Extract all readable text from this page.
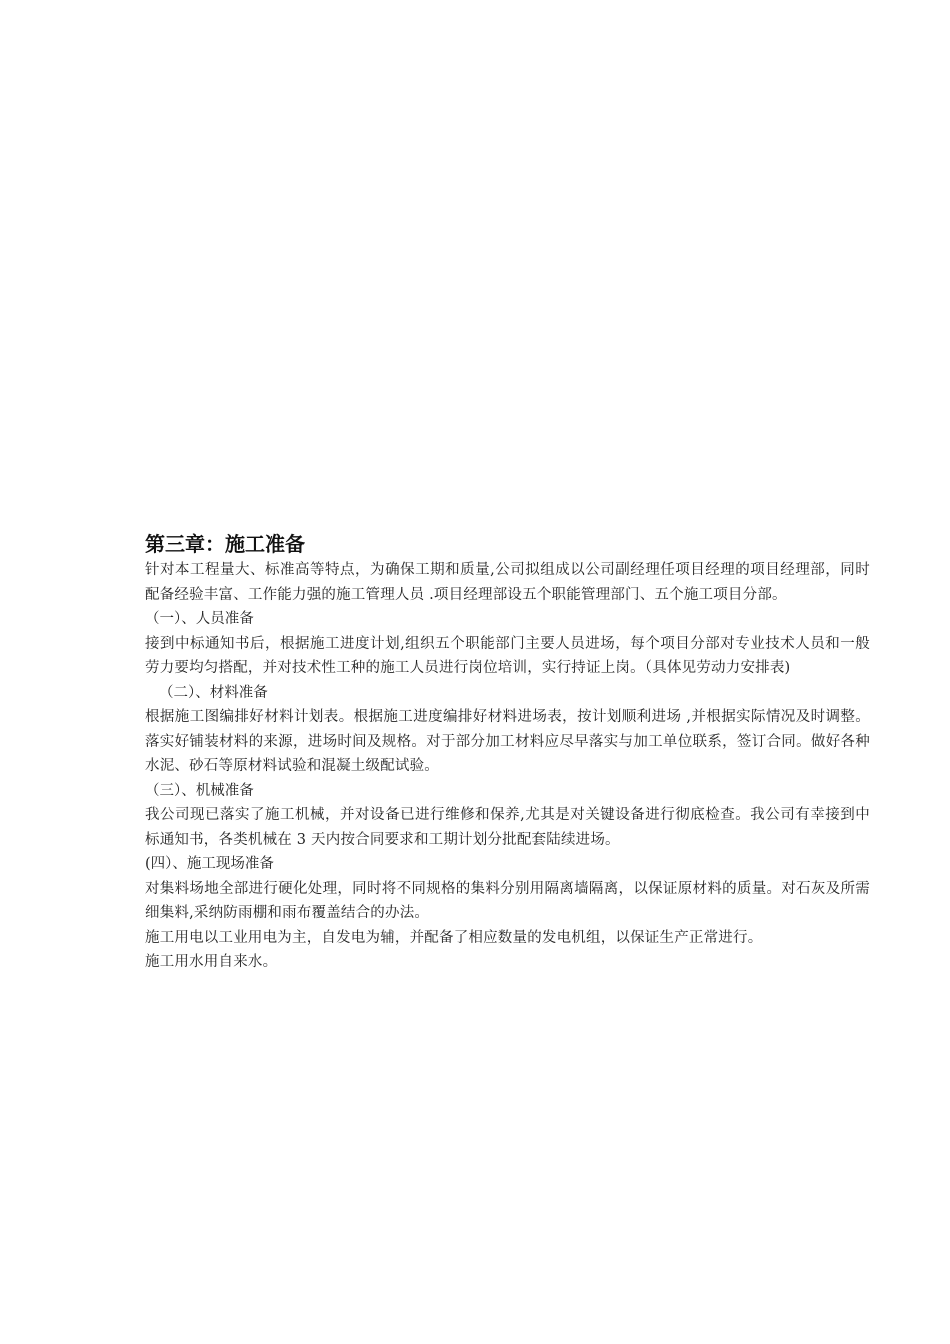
第三章：施工准备

针对本工程量大、标准高等特点，为确保工期和质量,公司拟组成以公司副经理任项目经理的项目经理部，同时配备经验丰富、工作能力强的施工管理人员 .项目经理部设五个职能管理部门、五个施工项目分部。

（一）、人员准备

接到中标通知书后，根据施工进度计划,组织五个职能部门主要人员进场，每个项目分部对专业技术人员和一般劳力要均匀搭配，并对技术性工种的施工人员进行岗位培训，实行持证上岗。（具体见劳动力安排表)

（二）、材料准备

根据施工图编排好材料计划表。根据施工进度编排好材料进场表，按计划顺利进场 ,并根据实际情况及时调整。落实好铺装材料的来源，进场时间及规格。对于部分加工材料应尽早落实与加工单位联系，签订合同。做好各种水泥、砂石等原材料试验和混凝土级配试验。

（三）、机械准备

我公司现已落实了施工机械，并对设备已进行维修和保养,尤其是对关键设备进行彻底检查。我公司有幸接到中标通知书，各类机械在 3 天内按合同要求和工期计划分批配套陆续进场。

(四）、施工现场准备

对集料场地全部进行硬化处理，同时将不同规格的集料分别用隔离墙隔离，以保证原材料的质量。对石灰及所需细集料,采纳防雨棚和雨布覆盖结合的办法。

施工用电以工业用电为主，自发电为辅，并配备了相应数量的发电机组，以保证生产正常进行。

施工用水用自来水。
